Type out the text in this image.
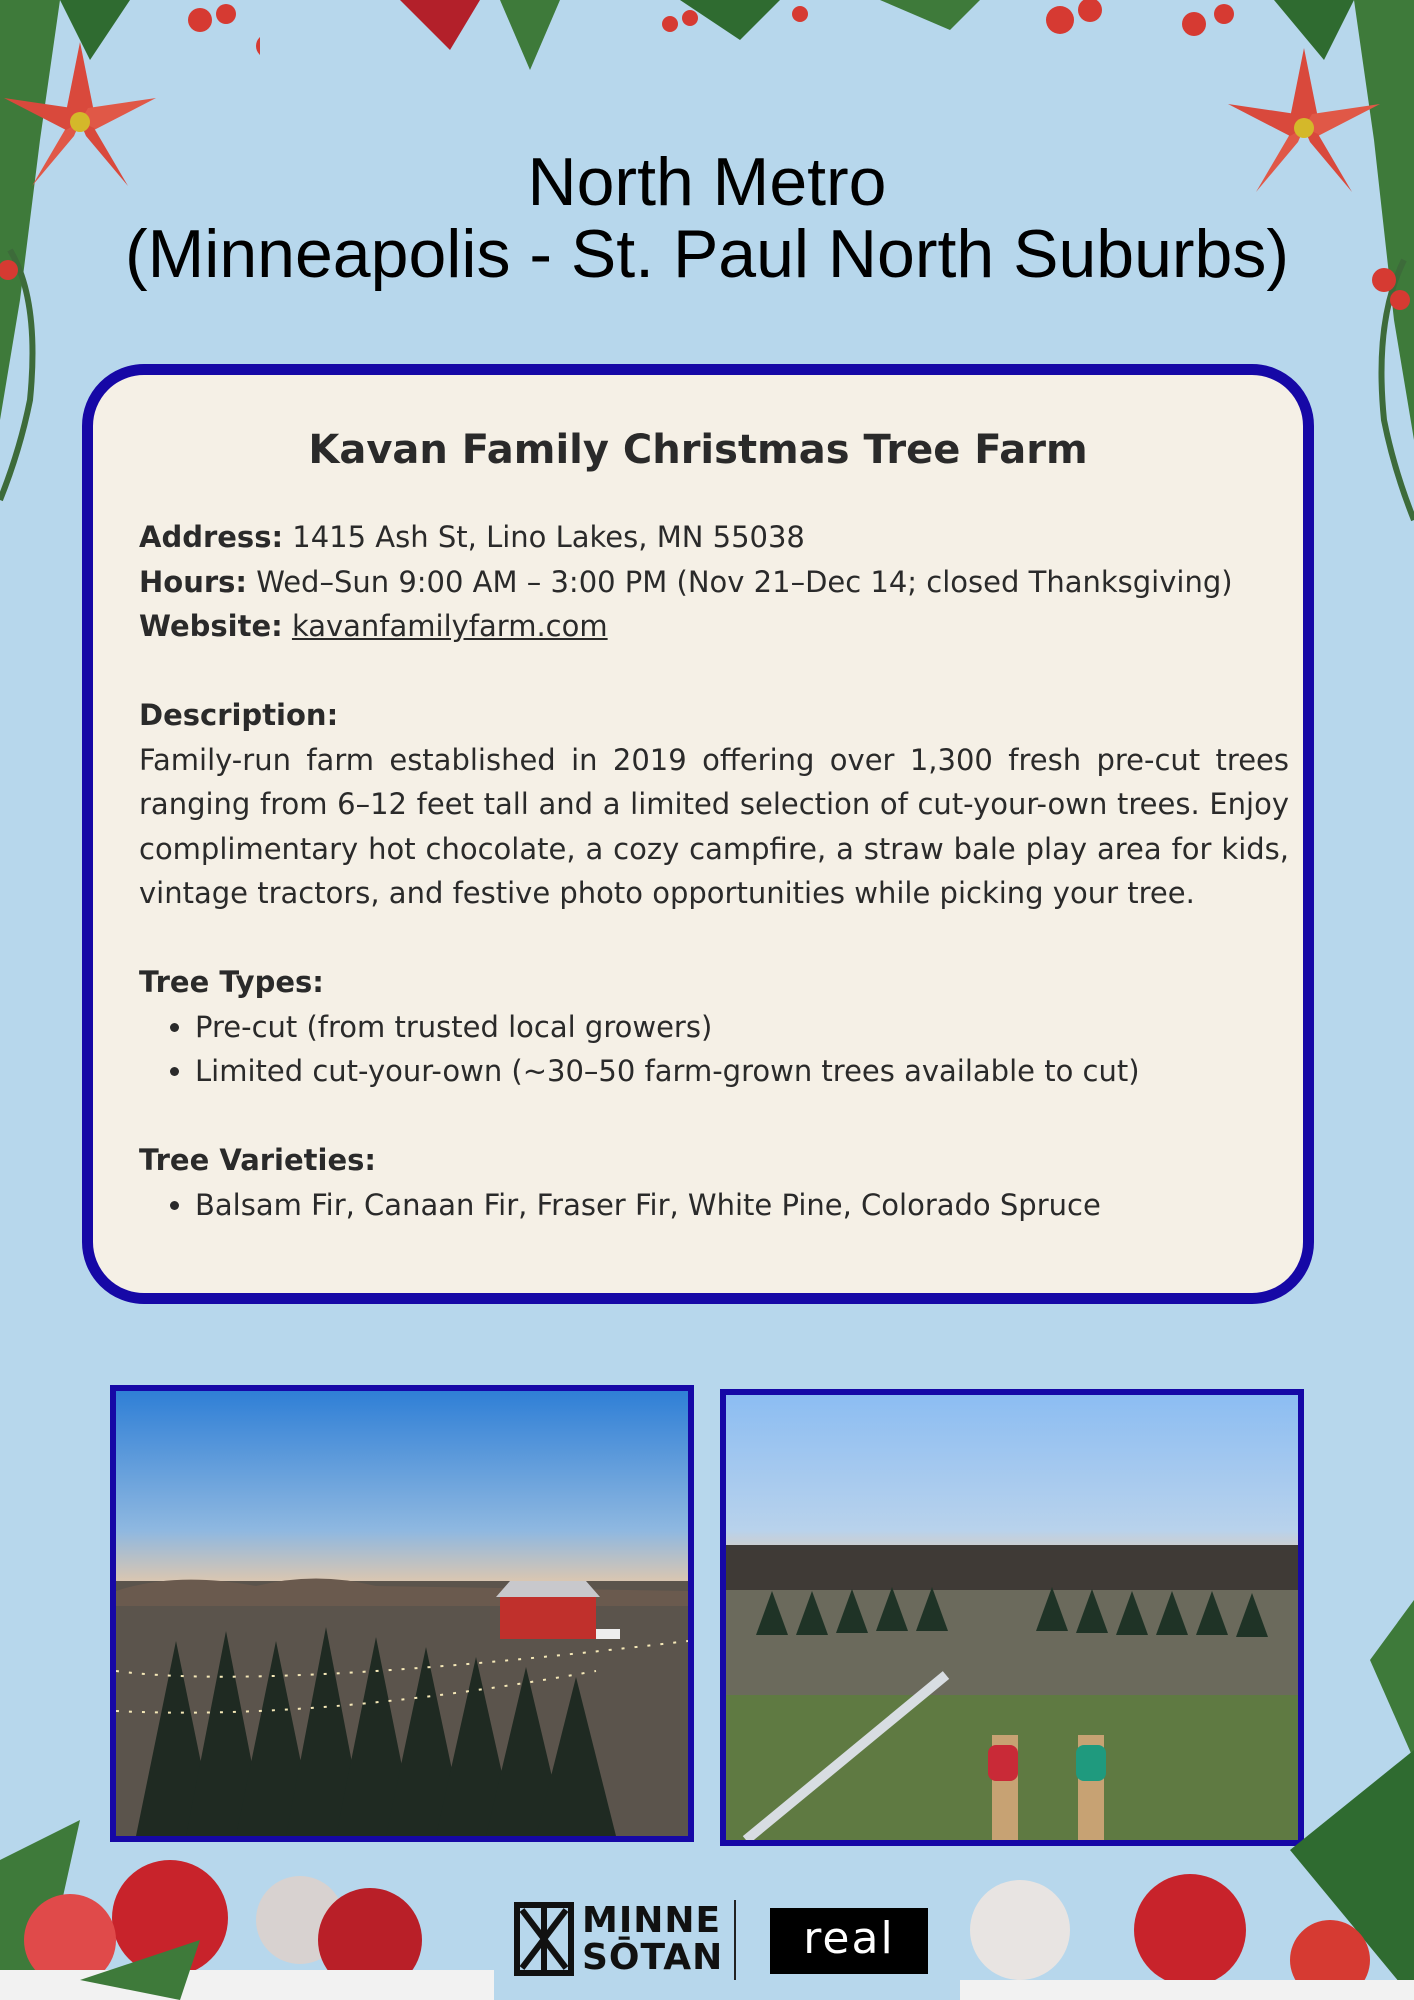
North Metro
(Minneapolis - St. Paul North Suburbs)
Kavan Family Christmas Tree Farm

Address: 1415 Ash St, Lino Lakes, MN 55038

Hours: Wed–Sun 9:00 AM – 3:00 PM (Nov 21–Dec 14; closed Thanksgiving)

Website: kavanfamilyfarm.com

Description:

Family-run farm established in 2019 offering over 1,300 fresh pre-cut trees ranging from 6–12 feet tall and a limited selection of cut-your-own trees. Enjoy complimentary hot chocolate, a cozy campfire, a straw bale play area for kids, vintage tractors, and festive photo opportunities while picking your tree.

Tree Types:

• Pre-cut (from trusted local growers)
• Limited cut-your-own (~30–50 farm-grown trees available to cut)

Tree Varieties:

• Balsam Fir, Canaan Fir, Fraser Fir, White Pine, Colorado Spruce
MINNE
SŌTAN	real
